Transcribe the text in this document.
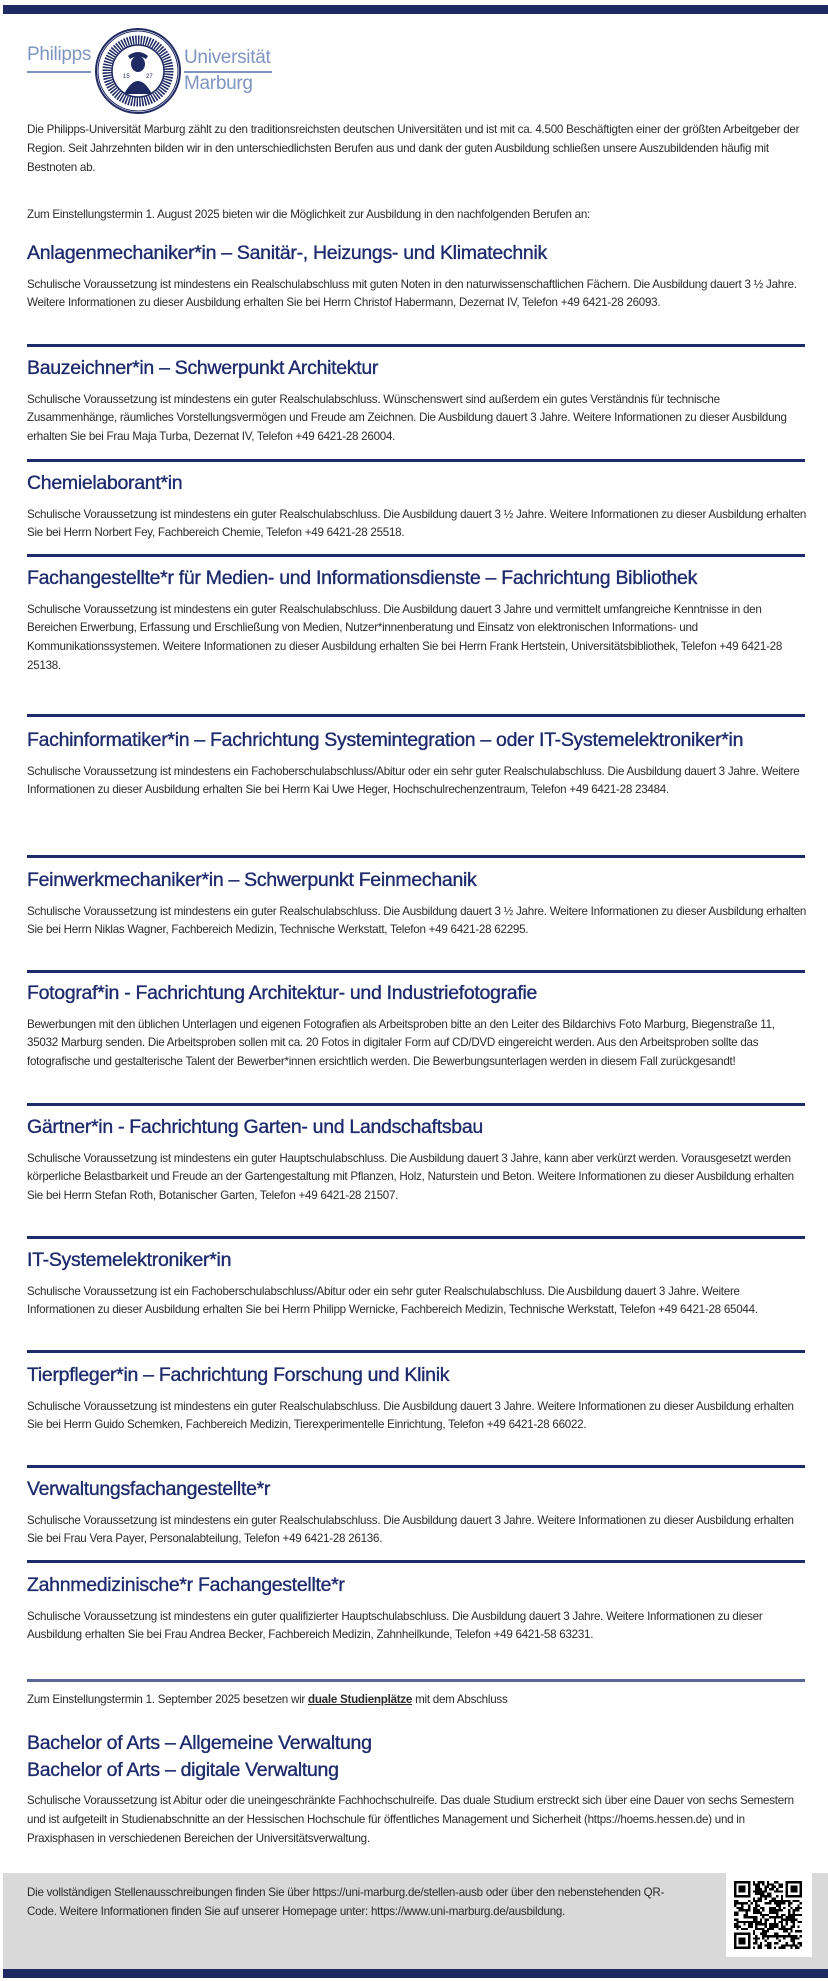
Philipps
15	27
Universität
Marburg

Die Philipps-Universität Marburg zählt zu den traditionsreichsten deutschen Universitäten und ist mit ca. 4.500 Beschäftigten einer der größten Arbeitgeber der Region. Seit Jahrzehnten bilden wir in den unterschiedlichsten Berufen aus und dank der guten Ausbildung schließen unsere Auszubildenden häufig mit Bestnoten ab.

Zum Einstellungstermin 1. August 2025 bieten wir die Möglichkeit zur Ausbildung in den nachfolgenden Berufen an:

Anlagenmechaniker*in – Sanitär-, Heizungs- und Klimatechnik

Schulische Voraussetzung ist mindestens ein Realschulabschluss mit guten Noten in den naturwissenschaftlichen Fächern. Die Ausbildung dauert 3 ½ Jahre. Weitere Informationen zu dieser Ausbildung erhalten Sie bei Herrn Christof Habermann, Dezernat IV, Telefon +49 6421-28 26093.

Bauzeichner*in – Schwerpunkt Architektur

Schulische Voraussetzung ist mindestens ein guter Realschulabschluss. Wünschenswert sind außerdem ein gutes Verständnis für technische Zusammenhänge, räumliches Vorstellungsvermögen und Freude am Zeichnen. Die Ausbildung dauert 3 Jahre. Weitere Informationen zu dieser Ausbildung erhalten Sie bei Frau Maja Turba, Dezernat IV, Telefon +49 6421-28 26004.

Chemielaborant*in

Schulische Voraussetzung ist mindestens ein guter Realschulabschluss. Die Ausbildung dauert 3 ½ Jahre. Weitere Informationen zu dieser Ausbildung erhalten Sie bei Herrn Norbert Fey, Fachbereich Chemie, Telefon +49 6421-28 25518.

Fachangestellte*r für Medien- und Informationsdienste – Fachrichtung Bibliothek

Schulische Voraussetzung ist mindestens ein guter Realschulabschluss. Die Ausbildung dauert 3 Jahre und vermittelt umfangreiche Kenntnisse in den Bereichen Erwerbung, Erfassung und Erschließung von Medien, Nutzer*innenberatung und Einsatz von elektronischen Informations- und Kommunikationssystemen. Weitere Informationen zu dieser Ausbildung erhalten Sie bei Herrn Frank Hertstein, Universitätsbibliothek, Telefon +49 6421-28 25138.

Fachinformatiker*in – Fachrichtung Systemintegration – oder IT-Systemelektroniker*in

Schulische Voraussetzung ist mindestens ein Fachoberschulabschluss/Abitur oder ein sehr guter Realschulabschluss. Die Ausbildung dauert 3 Jahre. Weitere Informationen zu dieser Ausbildung erhalten Sie bei Herrn Kai Uwe Heger, Hochschulrechenzentraum, Telefon +49 6421-28 23484.

Feinwerkmechaniker*in – Schwerpunkt Feinmechanik

Schulische Voraussetzung ist mindestens ein guter Realschulabschluss. Die Ausbildung dauert 3 ½ Jahre. Weitere Informationen zu dieser Ausbildung erhalten Sie bei Herrn Niklas Wagner, Fachbereich Medizin, Technische Werkstatt, Telefon +49 6421-28 62295.

Fotograf*in - Fachrichtung Architektur- und Industriefotografie

Bewerbungen mit den üblichen Unterlagen und eigenen Fotografien als Arbeitsproben bitte an den Leiter des Bildarchivs Foto Marburg, Biegenstraße 11, 35032 Marburg senden. Die Arbeitsproben sollen mit ca. 20 Fotos in digitaler Form auf CD/DVD eingereicht werden. Aus den Arbeitsproben sollte das fotografische und gestalterische Talent der Bewerber*innen ersichtlich werden. Die Bewerbungsunterlagen werden in diesem Fall zurückgesandt!

Gärtner*in - Fachrichtung Garten- und Landschaftsbau

Schulische Voraussetzung ist mindestens ein guter Hauptschulabschluss. Die Ausbildung dauert 3 Jahre, kann aber verkürzt werden. Vorausgesetzt werden körperliche Belastbarkeit und Freude an der Gartengestaltung mit Pflanzen, Holz, Naturstein und Beton. Weitere Informationen zu dieser Ausbildung erhalten Sie bei Herrn Stefan Roth, Botanischer Garten, Telefon +49 6421-28 21507.

IT-Systemelektroniker*in

Schulische Voraussetzung ist ein Fachoberschulabschluss/Abitur oder ein sehr guter Realschulabschluss. Die Ausbildung dauert 3 Jahre. Weitere Informationen zu dieser Ausbildung erhalten Sie bei Herrn Philipp Wernicke, Fachbereich Medizin, Technische Werkstatt, Telefon +49 6421-28 65044.

Tierpfleger*in – Fachrichtung Forschung und Klinik

Schulische Voraussetzung ist mindestens ein guter Realschulabschluss. Die Ausbildung dauert 3 Jahre. Weitere Informationen zu dieser Ausbildung erhalten Sie bei Herrn Guido Schemken, Fachbereich Medizin, Tierexperimentelle Einrichtung, Telefon +49 6421-28 66022.

Verwaltungsfachangestellte*r

Schulische Voraussetzung ist mindestens ein guter Realschulabschluss. Die Ausbildung dauert 3 Jahre. Weitere Informationen zu dieser Ausbildung erhalten Sie bei Frau Vera Payer, Personalabteilung, Telefon +49 6421-28 26136.

Zahnmedizinische*r Fachangestellte*r

Schulische Voraussetzung ist mindestens ein guter qualifizierter Hauptschulabschluss. Die Ausbildung dauert 3 Jahre. Weitere Informationen zu dieser Ausbildung erhalten Sie bei Frau Andrea Becker, Fachbereich Medizin, Zahnheilkunde, Telefon +49 6421-58 63231.

Zum Einstellungstermin 1. September 2025 besetzen wir duale Studienplätze mit dem Abschluss

Bachelor of Arts – Allgemeine Verwaltung
Bachelor of Arts – digitale Verwaltung

Schulische Voraussetzung ist Abitur oder die uneingeschränkte Fachhochschulreife. Das duale Studium erstreckt sich über eine Dauer von sechs Semestern und ist aufgeteilt in Studienabschnitte an der Hessischen Hochschule für öffentliches Management und Sicherheit (https://hoems.hessen.de) und in Praxisphasen in verschiedenen Bereichen der Universitätsverwaltung.

Die vollständigen Stellenausschreibungen finden Sie über https://uni-marburg.de/stellen-ausb oder über den nebenstehenden QR-Code. Weitere Informationen finden Sie auf unserer Homepage unter: https://www.uni-marburg.de/ausbildung.
